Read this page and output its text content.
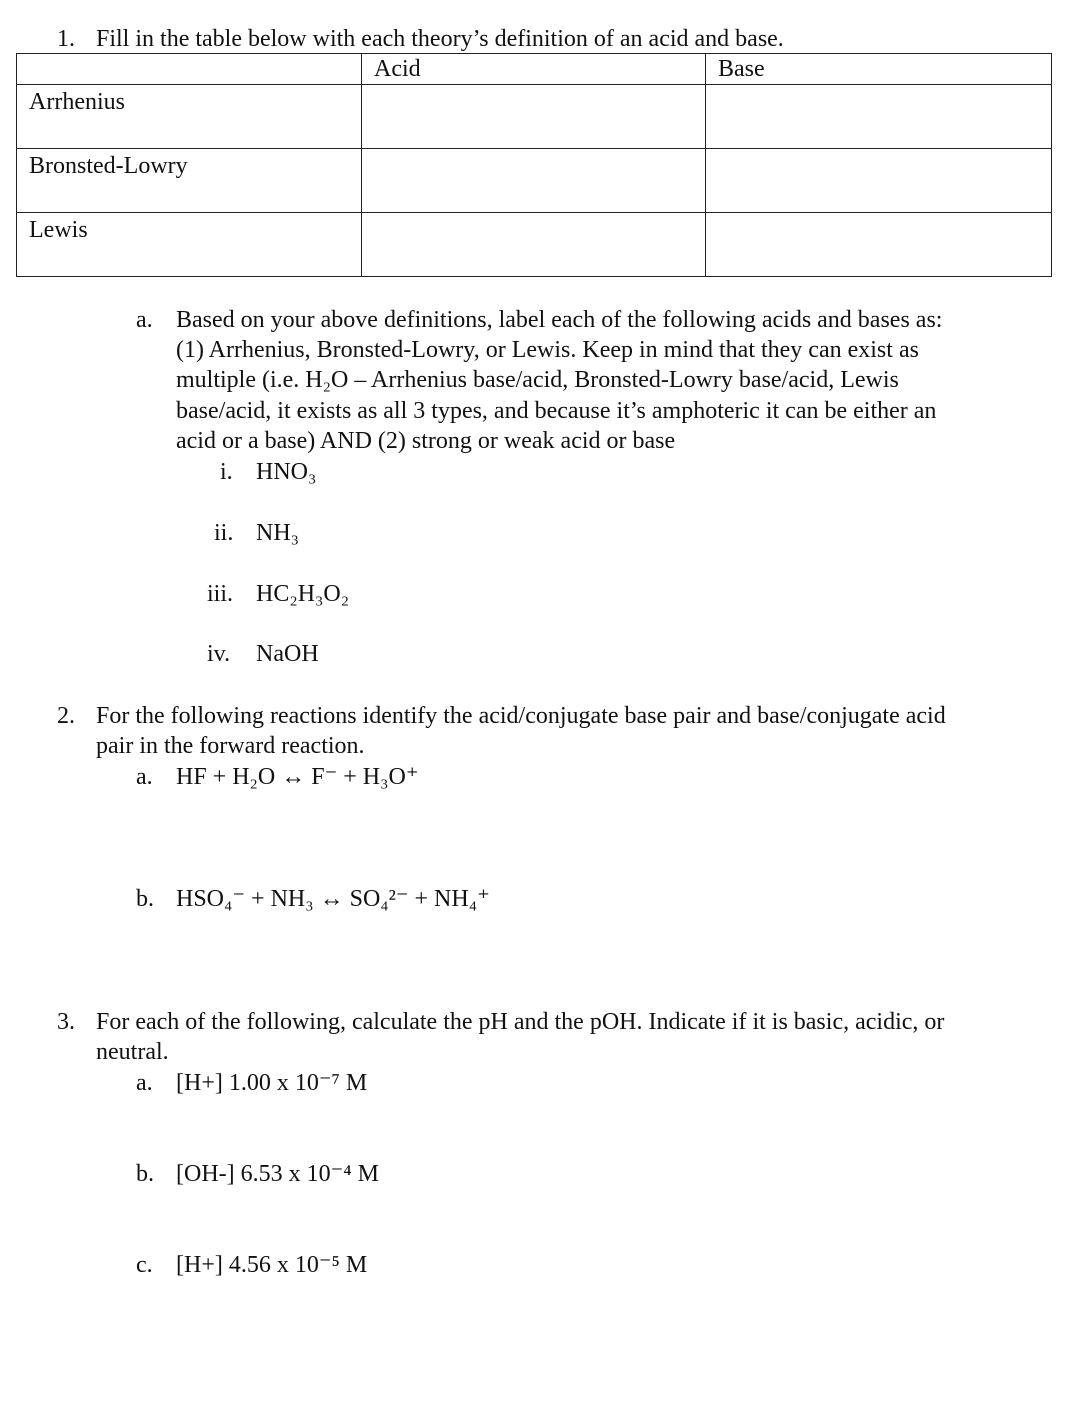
1. Fill in the table below with each theory’s definition of an acid and base.
	Acid	Base
Arrhenius		
Bronsted-Lowry		
Lewis		
a. Based on your above definitions, label each of the following acids and bases as:
(1) Arrhenius, Bronsted-Lowry, or Lewis. Keep in mind that they can exist as
multiple (i.e. H₂O – Arrhenius base/acid, Bronsted-Lowry base/acid, Lewis
base/acid, it exists as all 3 types, and because it’s amphoteric it can be either an
acid or a base) AND (2) strong or weak acid or base
i. HNO₃
ii. NH₃
iii. HC₂H₃O₂
iv. NaOH
2. For the following reactions identify the acid/conjugate base pair and base/conjugate acid
pair in the forward reaction.
a. HF + H₂O ↔ F⁻ + H₃O⁺
b. HSO₄⁻ + NH₃ ↔ SO₄²⁻ + NH₄⁺
3. For each of the following, calculate the pH and the pOH. Indicate if it is basic, acidic, or
neutral.
a. [H+] 1.00 x 10⁻⁷ M
b. [OH-] 6.53 x 10⁻⁴ M
c. [H+] 4.56 x 10⁻⁵ M
